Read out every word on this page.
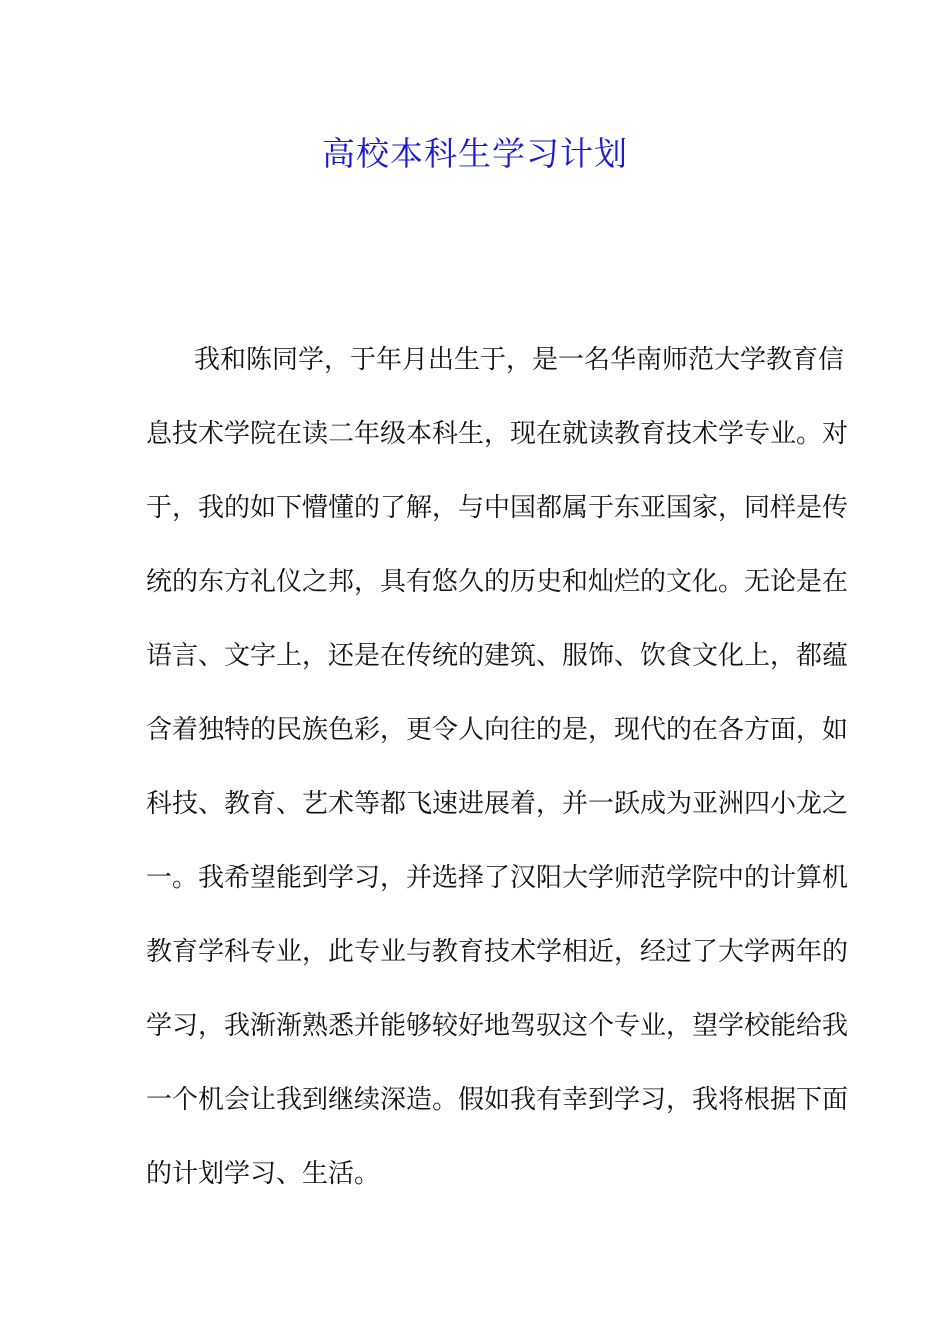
高校本科生学习计划
我和陈同学，于年月出生于，是一名华南师范大学教育信
息技术学院在读二年级本科生，现在就读教育技术学专业。对
于，我的如下懵懂的了解，与中国都属于东亚国家，同样是传
统的东方礼仪之邦，具有悠久的历史和灿烂的文化。无论是在
语言、文字上，还是在传统的建筑、服饰、饮食文化上，都蕴
含着独特的民族色彩，更令人向往的是，现代的在各方面，如
科技、教育、艺术等都飞速进展着，并一跃成为亚洲四小龙之
一。我希望能到学习，并选择了汉阳大学师范学院中的计算机
教育学科专业，此专业与教育技术学相近，经过了大学两年的
学习，我渐渐熟悉并能够较好地驾驭这个专业，望学校能给我
一个机会让我到继续深造。假如我有幸到学习，我将根据下面
的计划学习、生活。
